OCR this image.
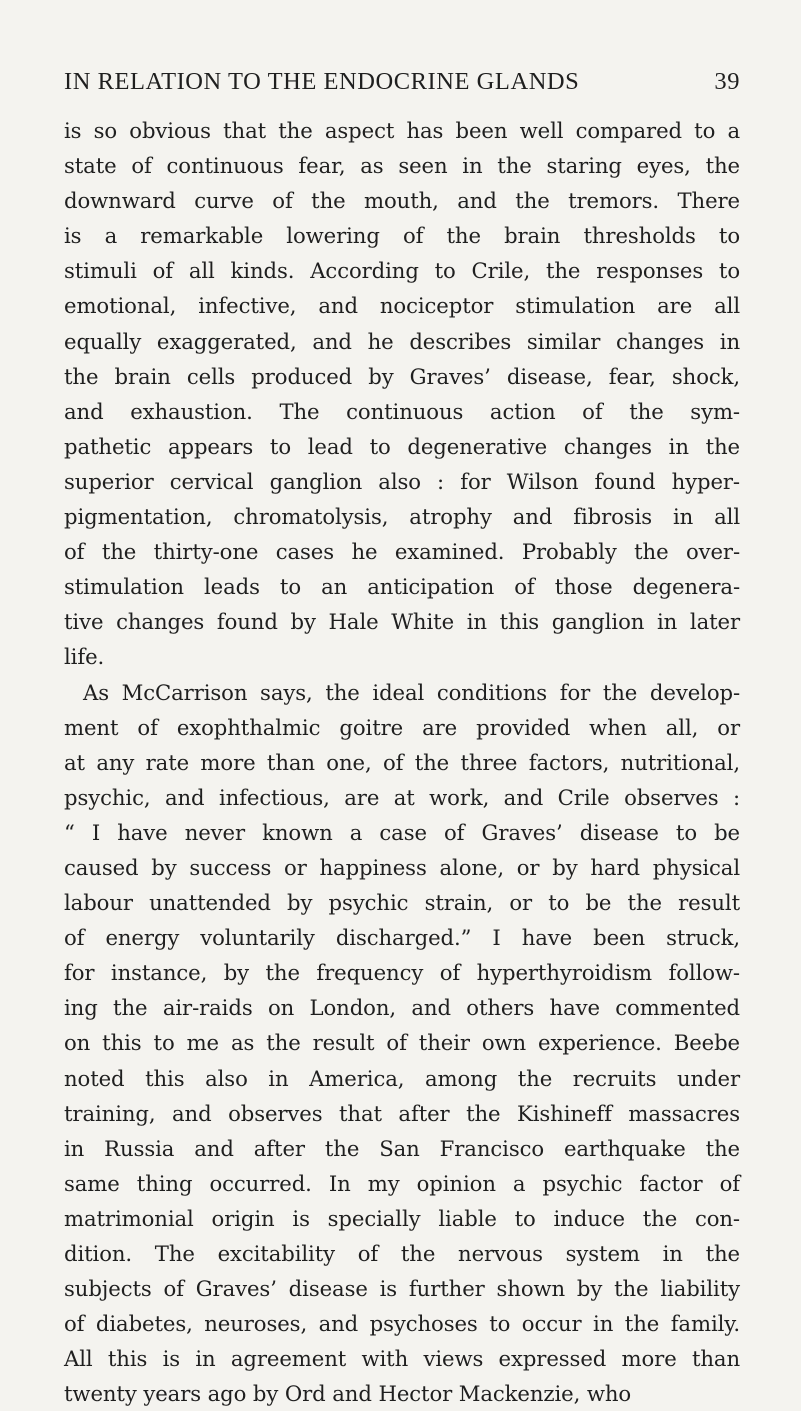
IN RELATION TO THE ENDOCRINE GLANDS	39
is so obvious that the aspect has been well compared to a
state of continuous fear, as seen in the staring eyes, the
downward curve of the mouth, and the tremors. There
is a remarkable lowering of the brain thresholds to
stimuli of all kinds. According to Crile, the responses to
emotional, infective, and nociceptor stimulation are all
equally exaggerated, and he describes similar changes in
the brain cells produced by Graves’ disease, fear, shock,
and exhaustion. The continuous action of the sym-
pathetic appears to lead to degenerative changes in the
superior cervical ganglion also : for Wilson found hyper-
pigmentation, chromatolysis, atrophy and fibrosis in all
of the thirty-one cases he examined. Probably the over-
stimulation leads to an anticipation of those degenera-
tive changes found by Hale White in this ganglion in later
life.
As McCarrison says, the ideal conditions for the develop-
ment of exophthalmic goitre are provided when all, or
at any rate more than one, of the three factors, nutritional,
psychic, and infectious, are at work, and Crile observes :
“ I have never known a case of Graves’ disease to be
caused by success or happiness alone, or by hard physical
labour unattended by psychic strain, or to be the result
of energy voluntarily discharged.” I have been struck,
for instance, by the frequency of hyperthyroidism follow-
ing the air-raids on London, and others have commented
on this to me as the result of their own experience. Beebe
noted this also in America, among the recruits under
training, and observes that after the Kishineff massacres
in Russia and after the San Francisco earthquake the
same thing occurred. In my opinion a psychic factor of
matrimonial origin is specially liable to induce the con-
dition. The excitability of the nervous system in the
subjects of Graves’ disease is further shown by the liability
of diabetes, neuroses, and psychoses to occur in the family.
All this is in agreement with views expressed more than
twenty years ago by Ord and Hector Mackenzie, who
